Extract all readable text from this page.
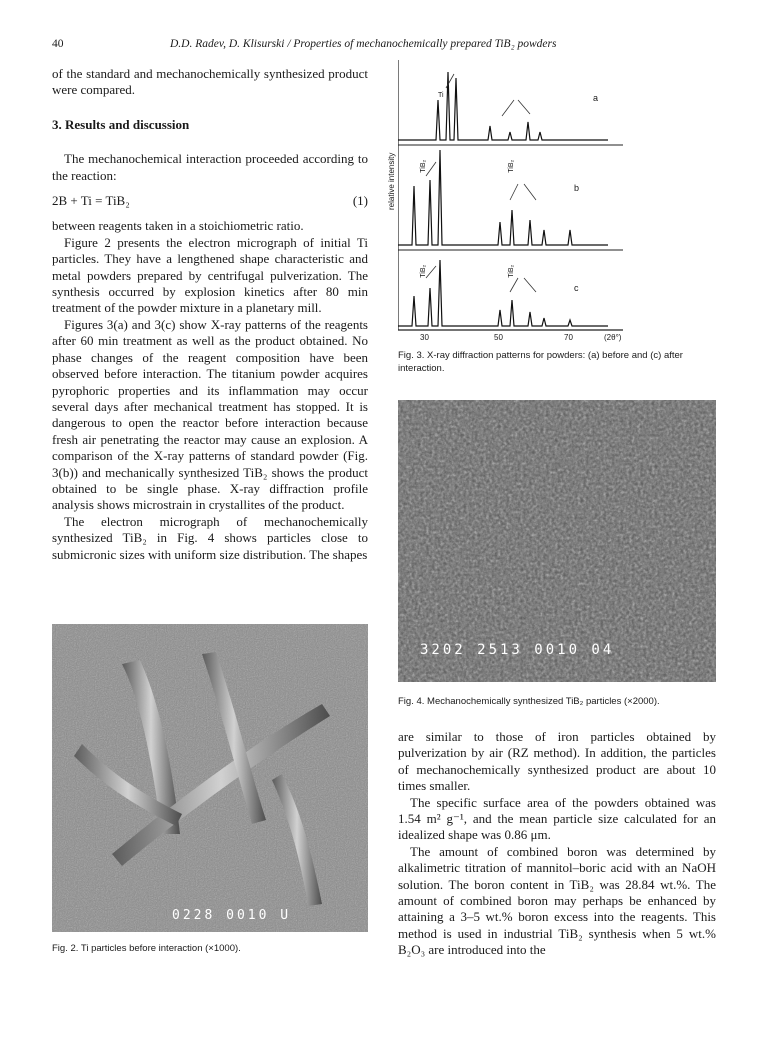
40	D.D. Radev, D. Klisurski / Properties of mechanochemically prepared TiB₂ powders

of the standard and mechanochemically synthesized product were compared.

3. Results and discussion

The mechanochemical interaction proceeded according to the reaction:

2B + Ti = TiB₂	(1)

between reagents taken in a stoichiometric ratio.

Figure 2 presents the electron micrograph of initial Ti particles. They have a lengthened shape characteristic and metal powders prepared by centrifugal pulverization. The synthesis occurred by explosion kinetics after 80 min treatment of the powder mixture in a planetary mill.

Figures 3(a) and 3(c) show X-ray patterns of the reagents after 60 min treatment as well as the product obtained. No phase changes of the reagent composition have been observed before interaction. The titanium powder acquires pyrophoric properties and its inflammation may occur several days after mechanical treatment has stopped. It is dangerous to open the reactor before interaction because fresh air penetrating the reactor may cause an explosion. A comparison of the X-ray patterns of standard powder (Fig. 3(b)) and mechanically synthesized TiB₂ shows the product obtained to be single phase. X-ray diffraction profile analysis shows microstrain in crystallites of the product.

The electron micrograph of mechanochemically synthesized TiB₂ in Fig. 4 shows particles close to submicronic sizes with uniform size distribution. The shapes

0228 0010 U
Fig. 2. Ti particles before interaction (×1000).
relative intensity
Ti
TiB₂	TiB₂
TiB₂	TiB₂
a
b
c
30	50	70	(2θ°)
Fig. 3. X-ray diffraction patterns for powders: (a) before and (c) after interaction.
3202 2513 0010 04
Fig. 4. Mechanochemically synthesized TiB₂ particles (×2000).

are similar to those of iron particles obtained by pulverization by air (RZ method). In addition, the particles of mechanochemically synthesized product are about 10 times smaller.

The specific surface area of the powders obtained was 1.54 m² g⁻¹, and the mean particle size calculated for an idealized shape was 0.86 μm.

The amount of combined boron was determined by alkalimetric titration of mannitol–boric acid with an NaOH solution. The boron content in TiB₂ was 28.84 wt.%. The amount of combined boron may perhaps be enhanced by attaining a 3–5 wt.% boron excess into the reagents. This method is used in industrial TiB₂ synthesis when 5 wt.% B₂O₃ are introduced into the
